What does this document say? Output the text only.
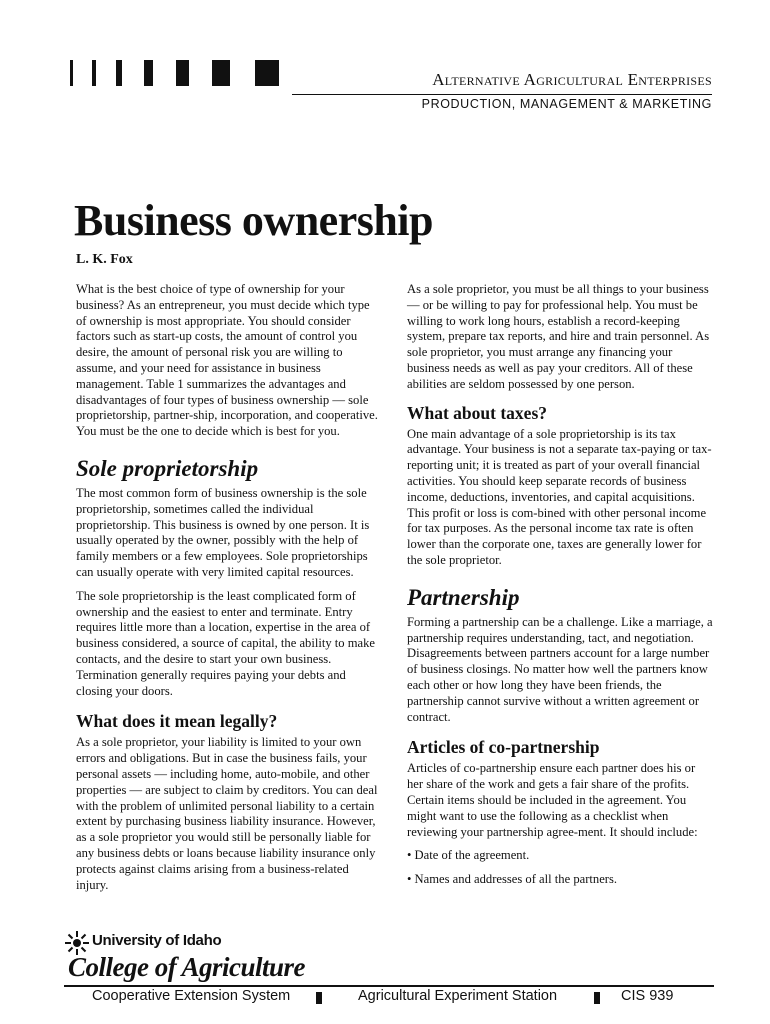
Alternative Agricultural Enterprises
PRODUCTION, MANAGEMENT & MARKETING
Business ownership
L. K. Fox

What is the best choice of type of ownership for your business? As an entrepreneur, you must decide which type of ownership is most appropriate. You should consider factors such as start-up costs, the amount of control you desire, the amount of personal risk you are willing to assume, and your need for assistance in business management. Table 1 summarizes the advantages and disadvantages of four types of business ownership — sole proprietorship, partner-ship, incorporation, and cooperative. You must be the one to decide which is best for you.

Sole proprietorship

The most common form of business ownership is the sole proprietorship, sometimes called the individual proprietorship. This business is owned by one person. It is usually operated by the owner, possibly with the help of family members or a few employees. Sole proprietorships can usually operate with very limited capital resources.

The sole proprietorship is the least complicated form of ownership and the easiest to enter and terminate. Entry requires little more than a location, expertise in the area of business considered, a source of capital, the ability to make contacts, and the desire to start your own business. Termination generally requires paying your debts and closing your doors.

What does it mean legally?

As a sole proprietor, your liability is limited to your own errors and obligations. But in case the business fails, your personal assets — including home, auto-mobile, and other properties — are subject to claim by creditors. You can deal with the problem of unlimited personal liability to a certain extent by purchasing business liability insurance. However, as a sole proprietor you would still be personally liable for any business debts or loans because liability insurance only protects against claims arising from a business-related injury.

As a sole proprietor, you must be all things to your business — or be willing to pay for professional help. You must be willing to work long hours, establish a record-keeping system, prepare tax reports, and hire and train personnel. As sole proprietor, you must arrange any financing your business needs as well as pay your creditors. All of these abilities are seldom possessed by one person.

What about taxes?

One main advantage of a sole proprietorship is its tax advantage. Your business is not a separate tax-paying or tax-reporting unit; it is treated as part of your overall financial activities. You should keep separate records of business income, deductions, inventories, and capital acquisitions. This profit or loss is com-bined with other personal income for tax purposes. As the personal income tax rate is often lower than the corporate one, taxes are generally lower for the sole proprietor.

Partnership

Forming a partnership can be a challenge. Like a marriage, a partnership requires understanding, tact, and negotiation. Disagreements between partners account for a large number of business closings. No matter how well the partners know each other or how long they have been friends, the partnership cannot survive without a written agreement or contract.

Articles of co-partnership

Articles of co-partnership ensure each partner does his or her share of the work and gets a fair share of the profits. Certain items should be included in the agreement. You might want to use the following as a checklist when reviewing your partnership agree-ment. It should include:

• Date of the agreement.

• Names and addresses of all the partners.

University of Idaho
College of Agriculture
Cooperative Extension System	Agricultural Experiment Station	CIS 939
